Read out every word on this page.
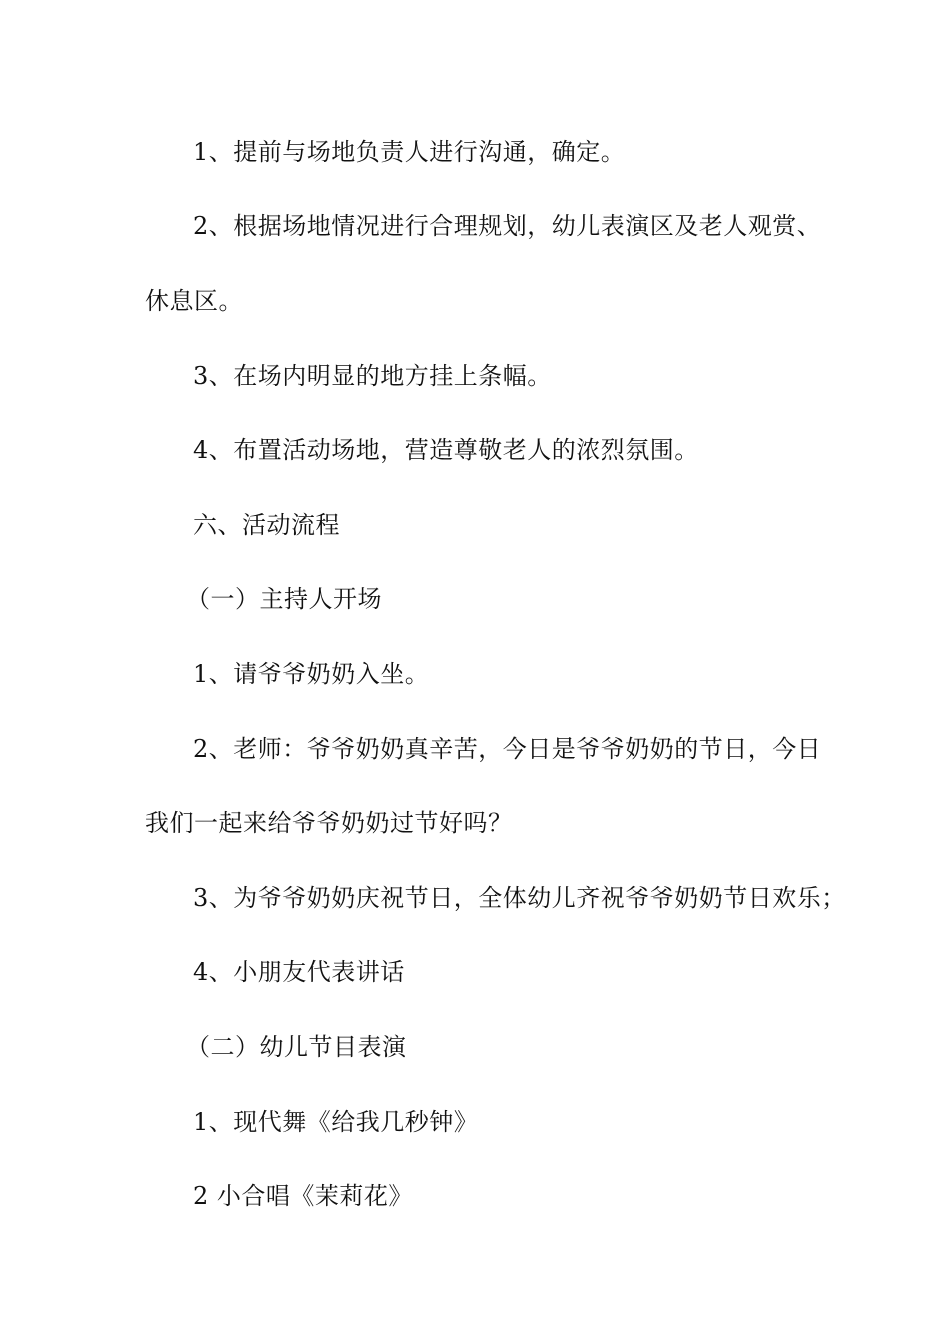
1、提前与场地负责人进行沟通，确定。

2、根据场地情况进行合理规划，幼儿表演区及老人观赏、

休息区。

3、在场内明显的地方挂上条幅。

4、布置活动场地，营造尊敬老人的浓烈氛围。

六、活动流程

（一）主持人开场

1、请爷爷奶奶入坐。

2、老师：爷爷奶奶真辛苦，今日是爷爷奶奶的节日，今日

我们一起来给爷爷奶奶过节好吗？

3、为爷爷奶奶庆祝节日，全体幼儿齐祝爷爷奶奶节日欢乐；

4、小朋友代表讲话

（二）幼儿节目表演

1、现代舞《给我几秒钟》

2 小合唱《茉莉花》
